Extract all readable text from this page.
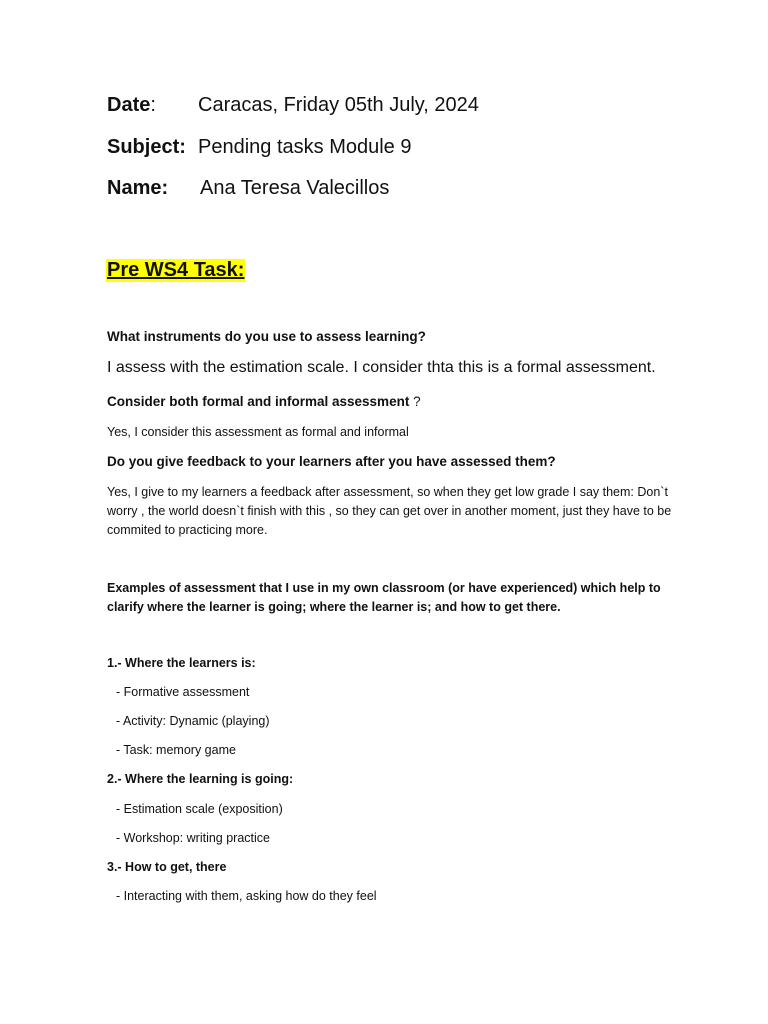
Date: Caracas, Friday 05th July, 2024
Subject: Pending tasks Module 9
Name: Ana Teresa Valecillos
Pre WS4 Task:
What instruments do you use to assess learning?
I assess with the estimation scale. I consider thta this is a formal assessment.
Consider both formal and informal assessment ?
Yes, I consider this assessment as formal and informal
Do you give feedback to your learners after you have assessed them?
Yes, I give to my learners a feedback after assessment, so when they get low grade I say them: Don`t worry , the world doesn`t finish with this , so they can get over in another moment, just they have to be commited to practicing more.
Examples of assessment that I use in my own classroom (or have experienced) which help to clarify where the learner is going; where the learner is; and how to get there.
1.- Where the learners is:
- Formative assessment
- Activity: Dynamic (playing)
- Task: memory game
2.- Where the learning is going:
- Estimation scale (exposition)
- Workshop: writing practice
3.- How to get, there
- Interacting with them, asking how do they feel
